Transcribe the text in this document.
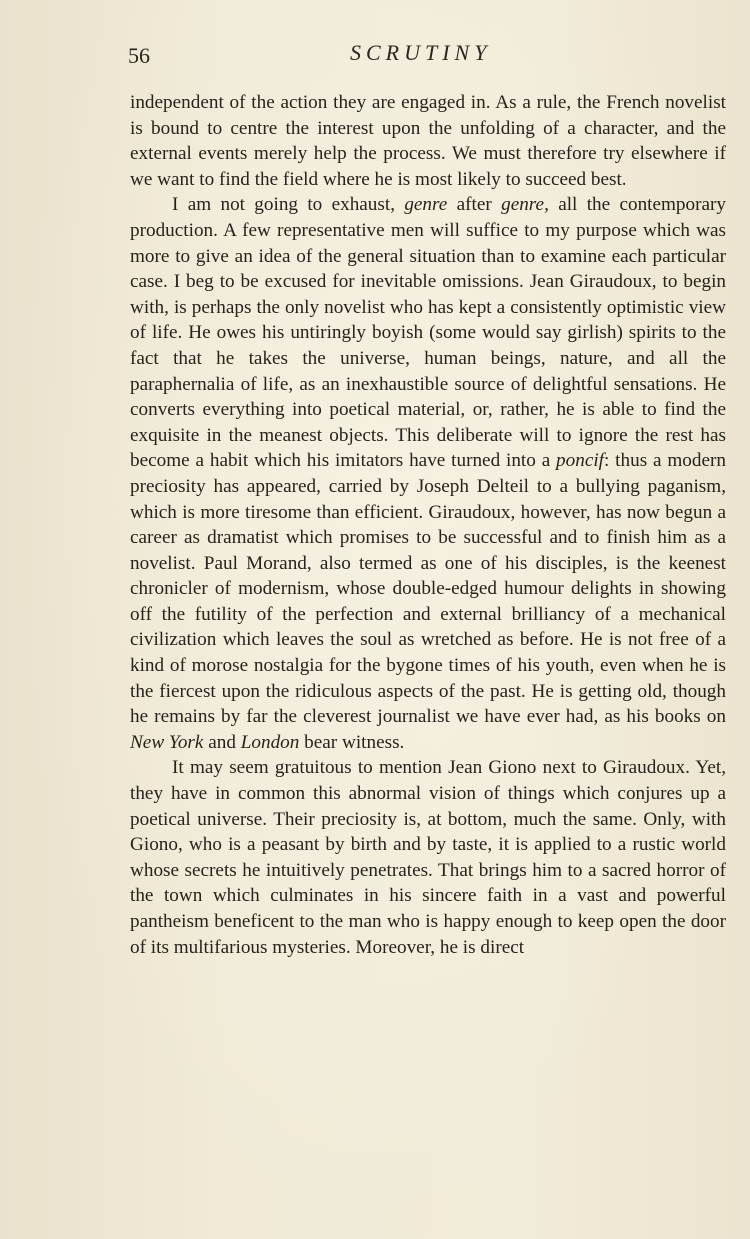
56	SCRUTINY

independent of the action they are engaged in. As a rule, the French novelist is bound to centre the interest upon the unfolding of a character, and the external events merely help the process. We must therefore try elsewhere if we want to find the field where he is most likely to succeed best.

I am not going to exhaust, genre after genre, all the contemporary production. A few representative men will suffice to my purpose which was more to give an idea of the general situation than to examine each particular case. I beg to be excused for inevitable omissions. Jean Giraudoux, to begin with, is perhaps the only novelist who has kept a consistently optimistic view of life. He owes his untiringly boyish (some would say girlish) spirits to the fact that he takes the universe, human beings, nature, and all the paraphernalia of life, as an inexhaustible source of delightful sensations. He converts everything into poetical material, or, rather, he is able to find the exquisite in the meanest objects. This deliberate will to ignore the rest has become a habit which his imitators have turned into a poncif: thus a modern preciosity has appeared, carried by Joseph Delteil to a bullying paganism, which is more tiresome than efficient. Giraudoux, however, has now begun a career as dramatist which promises to be successful and to finish him as a novelist. Paul Morand, also termed as one of his disciples, is the keenest chronicler of modernism, whose double-edged humour delights in showing off the futility of the perfection and external brilliancy of a mechanical civilization which leaves the soul as wretched as before. He is not free of a kind of morose nostalgia for the bygone times of his youth, even when he is the fiercest upon the ridiculous aspects of the past. He is getting old, though he remains by far the cleverest journalist we have ever had, as his books on New York and London bear witness.

It may seem gratuitous to mention Jean Giono next to Giraudoux. Yet, they have in common this abnormal vision of things which conjures up a poetical universe. Their preciosity is, at bottom, much the same. Only, with Giono, who is a peasant by birth and by taste, it is applied to a rustic world whose secrets he intuitively penetrates. That brings him to a sacred horror of the town which culminates in his sincere faith in a vast and powerful pantheism beneficent to the man who is happy enough to keep open the door of its multifarious mysteries. Moreover, he is direct
